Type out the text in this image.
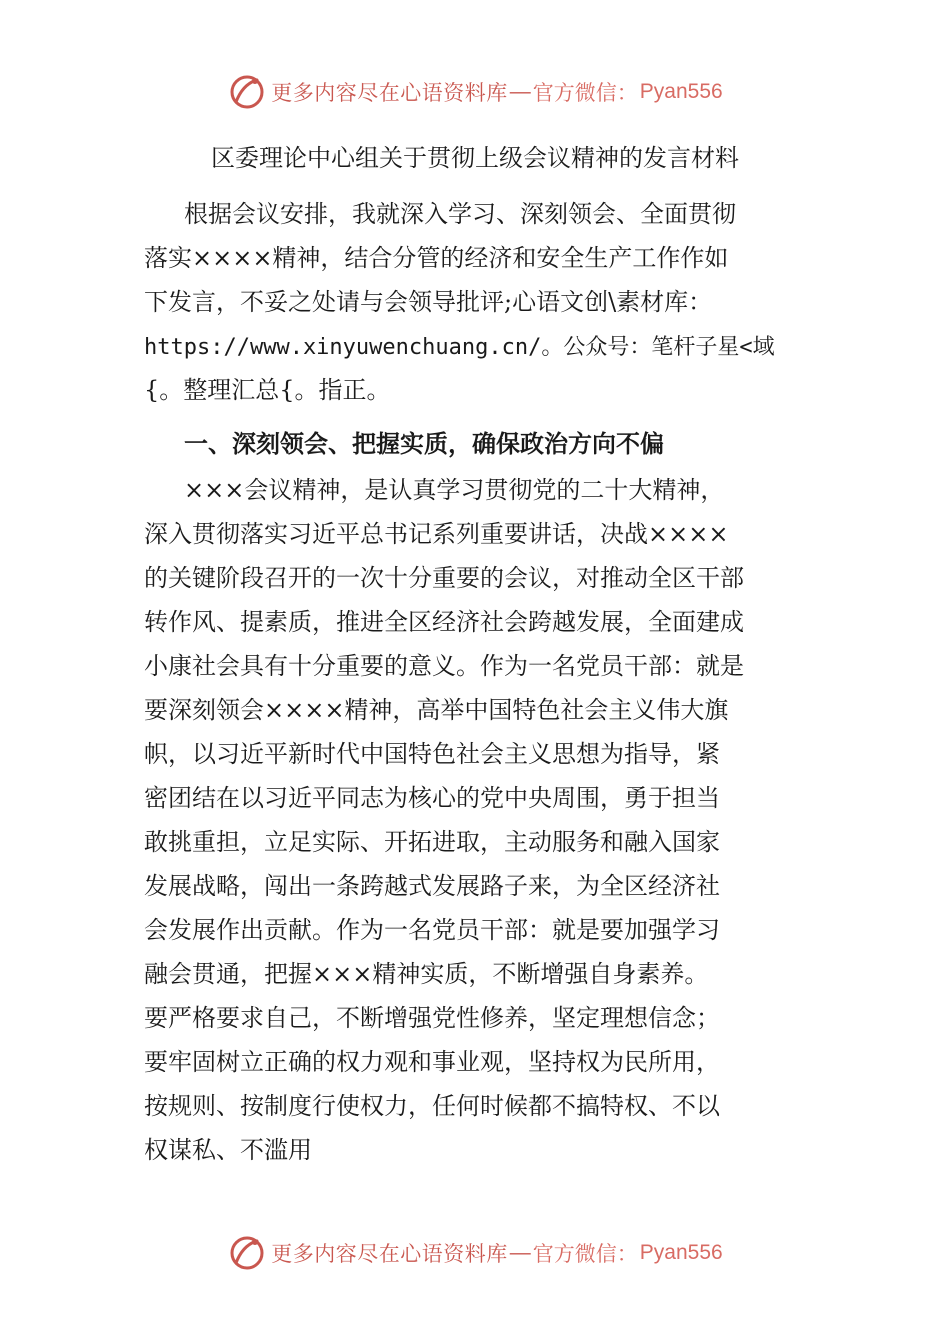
更多内容尽在心语资料库 — 官方微信： Pyan556
区委理论中心组关于贯彻上级会议精神的发言材料
根据会议安排，我就深入学习、深刻领会、全面贯彻
落实××××精神，结合分管的经济和安全生产工作作如
下发言，不妥之处请与会领导批评;心语文创\素材库：
https://www.xinyuwenchuang.cn/。公众号：笔杆子星<域
{。整理汇总{。指正。
一、深刻领会、把握实质，确保政治方向不偏
×××会议精神，是认真学习贯彻党的二十大精神，
深入贯彻落实习近平总书记系列重要讲话，决战××××
的关键阶段召开的一次十分重要的会议，对推动全区干部
转作风、提素质，推进全区经济社会跨越发展，全面建成
小康社会具有十分重要的意义。作为一名党员干部：就是
要深刻领会××××精神，高举中国特色社会主义伟大旗
帜，以习近平新时代中国特色社会主义思想为指导，紧
密团结在以习近平同志为核心的党中央周围，勇于担当
敢挑重担，立足实际、开拓进取，主动服务和融入国家
发展战略，闯出一条跨越式发展路子来，为全区经济社
会发展作出贡献。作为一名党员干部：就是要加强学习
融会贯通，把握×××精神实质，不断增强自身素养。
要严格要求自己，不断增强党性修养，坚定理想信念；
要牢固树立正确的权力观和事业观，坚持权为民所用，
按规则、按制度行使权力，任何时候都不搞特权、不以
权谋私、不滥用
更多内容尽在心语资料库 — 官方微信： Pyan556
